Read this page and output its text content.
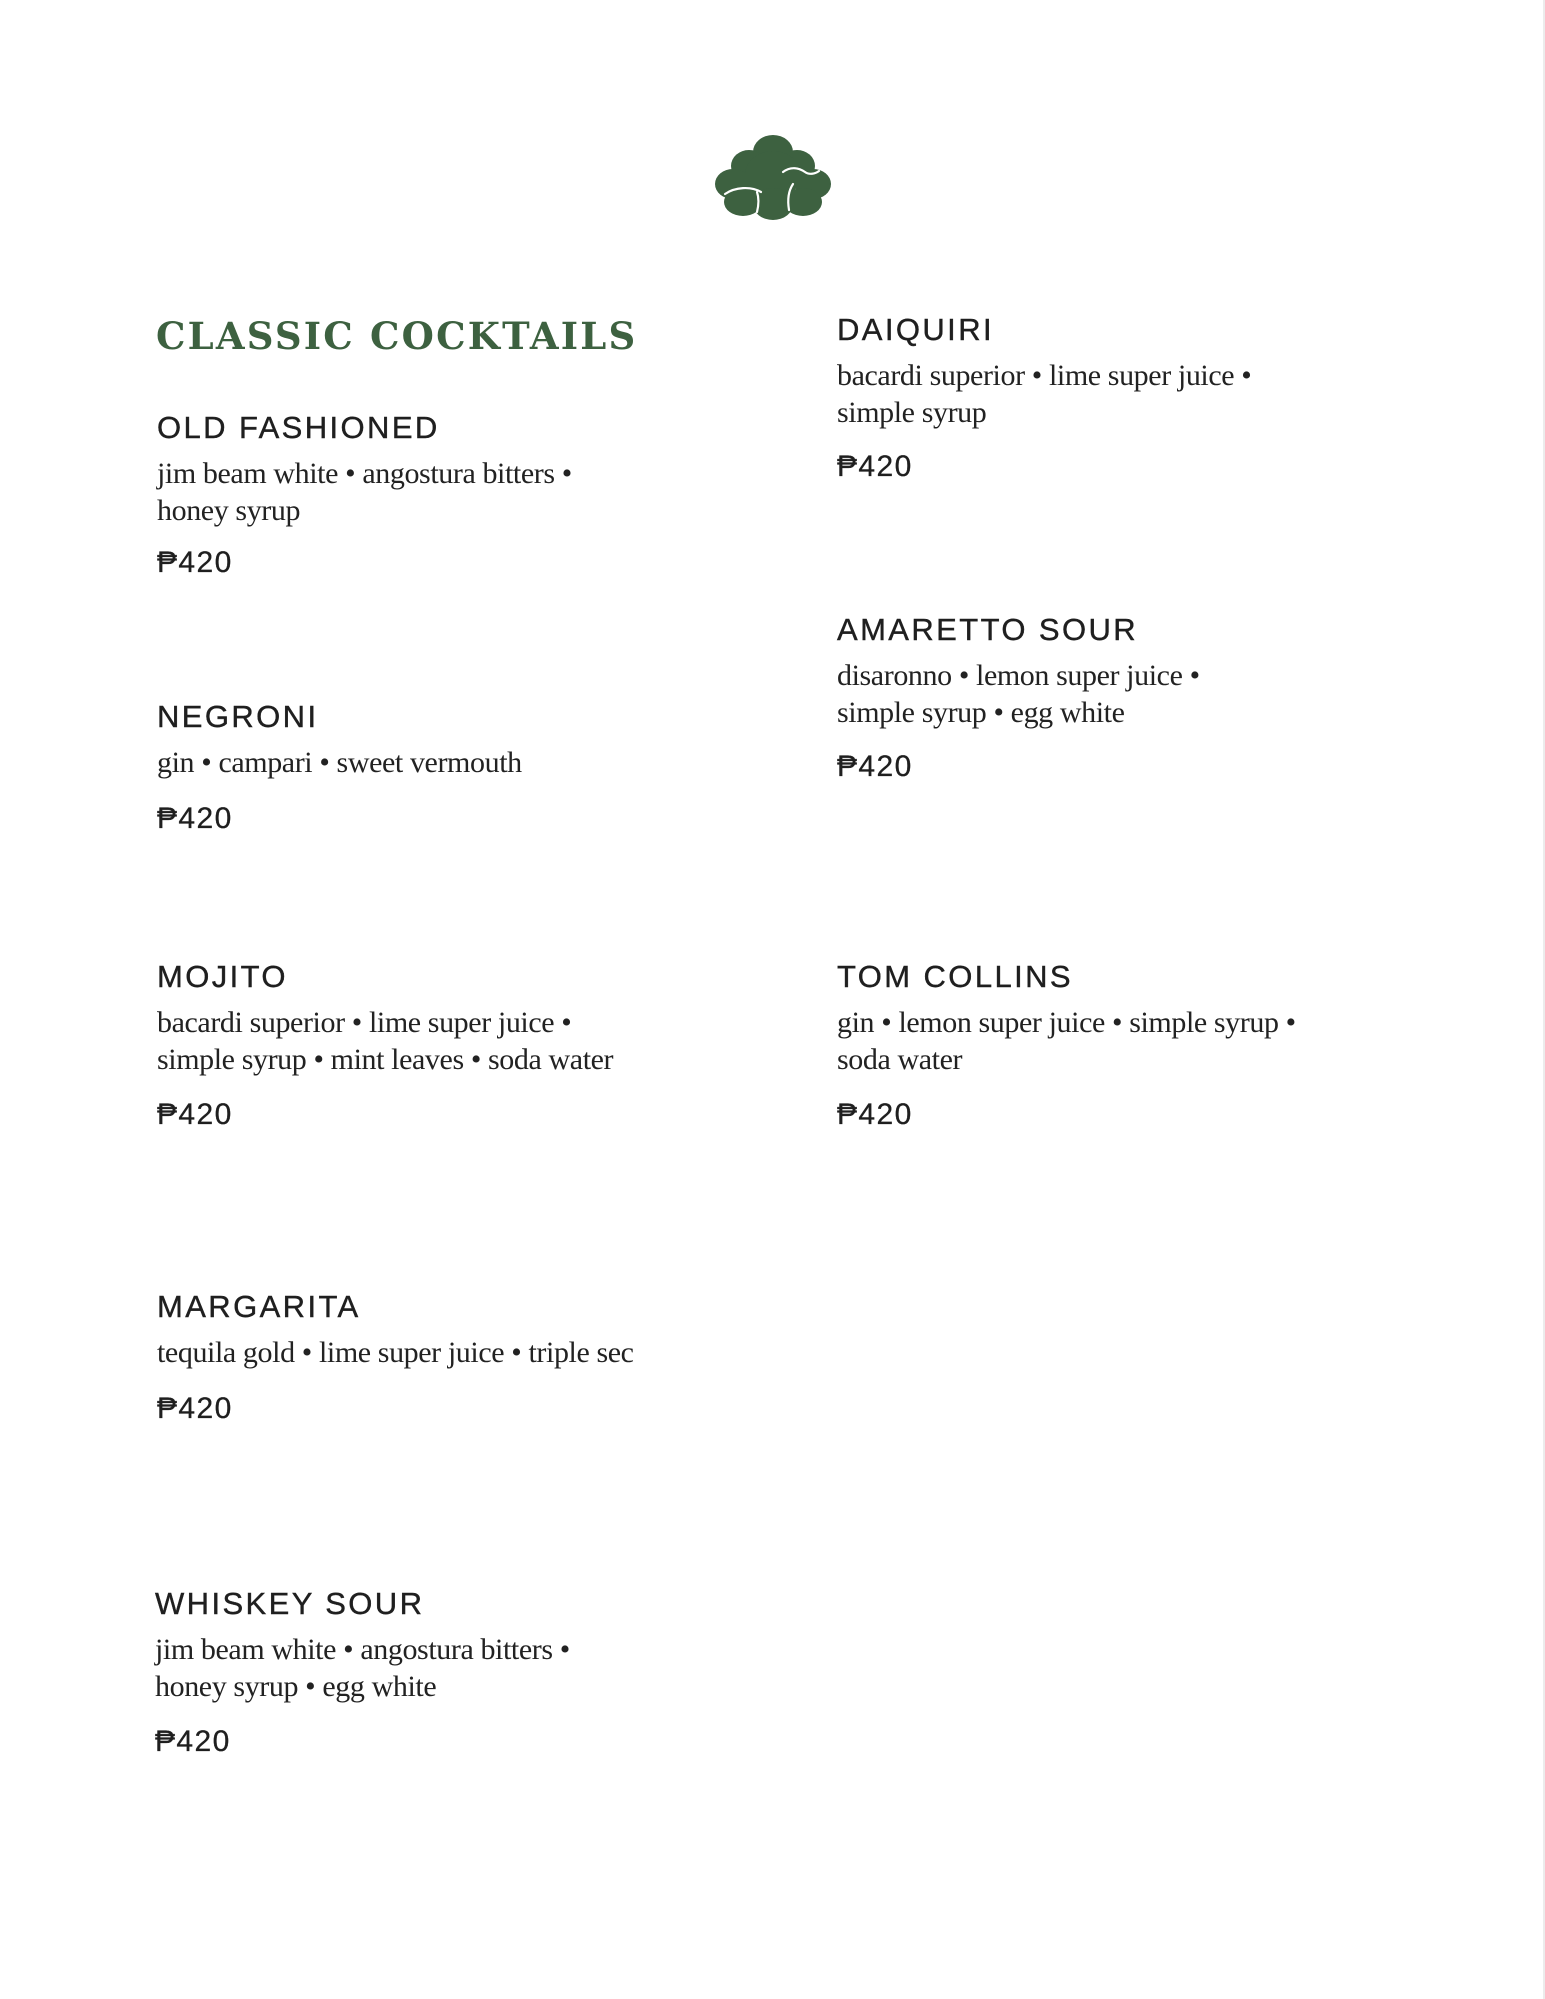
CLASSIC COCKTAILS
OLD FASHIONED
jim beam white • angostura bitters •
honey syrup
₱420
NEGRONI
gin • campari • sweet vermouth
₱420
MOJITO
bacardi superior • lime super juice •
simple syrup • mint leaves • soda water
₱420
MARGARITA
tequila gold • lime super juice • triple sec
₱420
WHISKEY SOUR
jim beam white • angostura bitters •
honey syrup • egg white
₱420
DAIQUIRI
bacardi superior • lime super juice •
simple syrup
₱420
AMARETTO SOUR
disaronno • lemon super juice •
simple syrup • egg white
₱420
TOM COLLINS
gin • lemon super juice • simple syrup •
soda water
₱420
